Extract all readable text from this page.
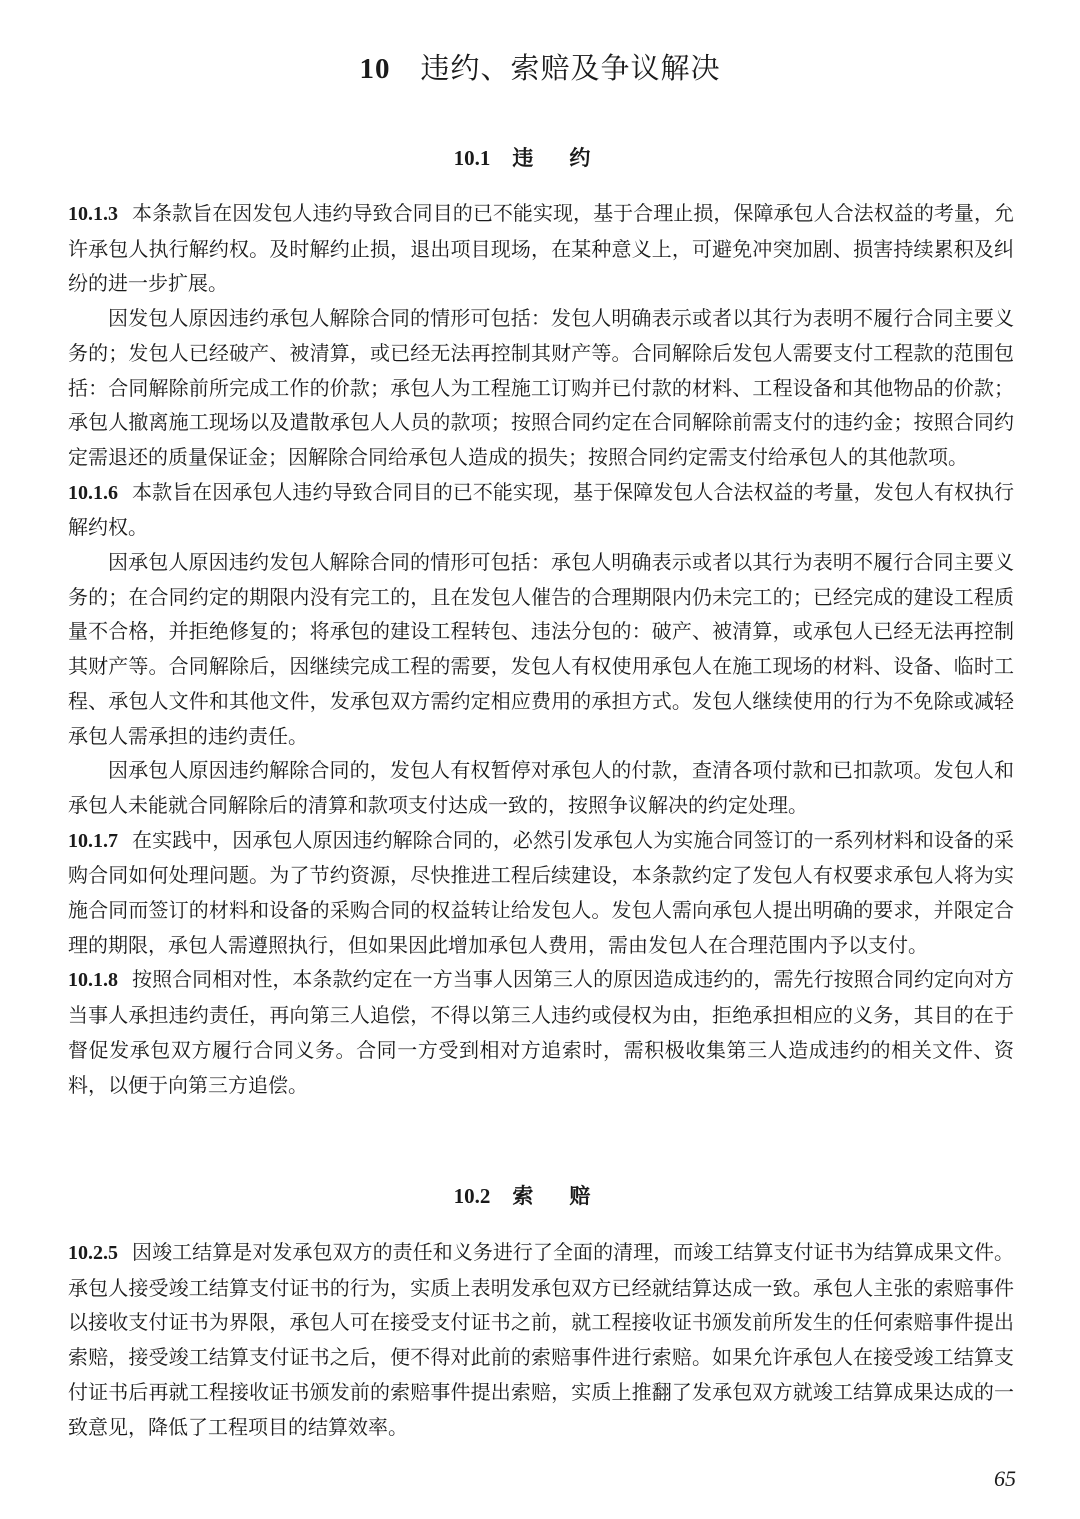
10 违约、索赔及争议解决
10.1 违约

10.1.3 本条款旨在因发包人违约导致合同目的已不能实现，基于合理止损，保障承包人合法权益的考量，允许承包人执行解约权。及时解约止损，退出项目现场，在某种意义上，可避免冲突加剧、损害持续累积及纠纷的进一步扩展。

因发包人原因违约承包人解除合同的情形可包括：发包人明确表示或者以其行为表明不履行合同主要义务的；发包人已经破产、被清算，或已经无法再控制其财产等。合同解除后发包人需要支付工程款的范围包括：合同解除前所完成工作的价款；承包人为工程施工订购并已付款的材料、工程设备和其他物品的价款；承包人撤离施工现场以及遣散承包人人员的款项；按照合同约定在合同解除前需支付的违约金；按照合同约定需退还的质量保证金；因解除合同给承包人造成的损失；按照合同约定需支付给承包人的其他款项。

10.1.6 本款旨在因承包人违约导致合同目的已不能实现，基于保障发包人合法权益的考量，发包人有权执行解约权。

因承包人原因违约发包人解除合同的情形可包括：承包人明确表示或者以其行为表明不履行合同主要义务的；在合同约定的期限内没有完工的，且在发包人催告的合理期限内仍未完工的；已经完成的建设工程质量不合格，并拒绝修复的；将承包的建设工程转包、违法分包的：破产、被清算，或承包人已经无法再控制其财产等。合同解除后，因继续完成工程的需要，发包人有权使用承包人在施工现场的材料、设备、临时工程、承包人文件和其他文件，发承包双方需约定相应费用的承担方式。发包人继续使用的行为不免除或减轻承包人需承担的违约责任。

因承包人原因违约解除合同的，发包人有权暂停对承包人的付款，查清各项付款和已扣款项。发包人和承包人未能就合同解除后的清算和款项支付达成一致的，按照争议解决的约定处理。

10.1.7 在实践中，因承包人原因违约解除合同的，必然引发承包人为实施合同签订的一系列材料和设备的采购合同如何处理问题。为了节约资源，尽快推进工程后续建设，本条款约定了发包人有权要求承包人将为实施合同而签订的材料和设备的采购合同的权益转让给发包人。发包人需向承包人提出明确的要求，并限定合理的期限，承包人需遵照执行，但如果因此增加承包人费用，需由发包人在合理范围内予以支付。

10.1.8 按照合同相对性，本条款约定在一方当事人因第三人的原因造成违约的，需先行按照合同约定向对方当事人承担违约责任，再向第三人追偿，不得以第三人违约或侵权为由，拒绝承担相应的义务，其目的在于督促发承包双方履行合同义务。合同一方受到相对方追索时，需积极收集第三人造成违约的相关文件、资料，以便于向第三方追偿。

10.2 索赔

10.2.5 因竣工结算是对发承包双方的责任和义务进行了全面的清理，而竣工结算支付证书为结算成果文件。承包人接受竣工结算支付证书的行为，实质上表明发承包双方已经就结算达成一致。承包人主张的索赔事件以接收支付证书为界限，承包人可在接受支付证书之前，就工程接收证书颁发前所发生的任何索赔事件提出索赔，接受竣工结算支付证书之后，便不得对此前的索赔事件进行索赔。如果允许承包人在接受竣工结算支付证书后再就工程接收证书颁发前的索赔事件提出索赔，实质上推翻了发承包双方就竣工结算成果达成的一致意见，降低了工程项目的结算效率。

65
